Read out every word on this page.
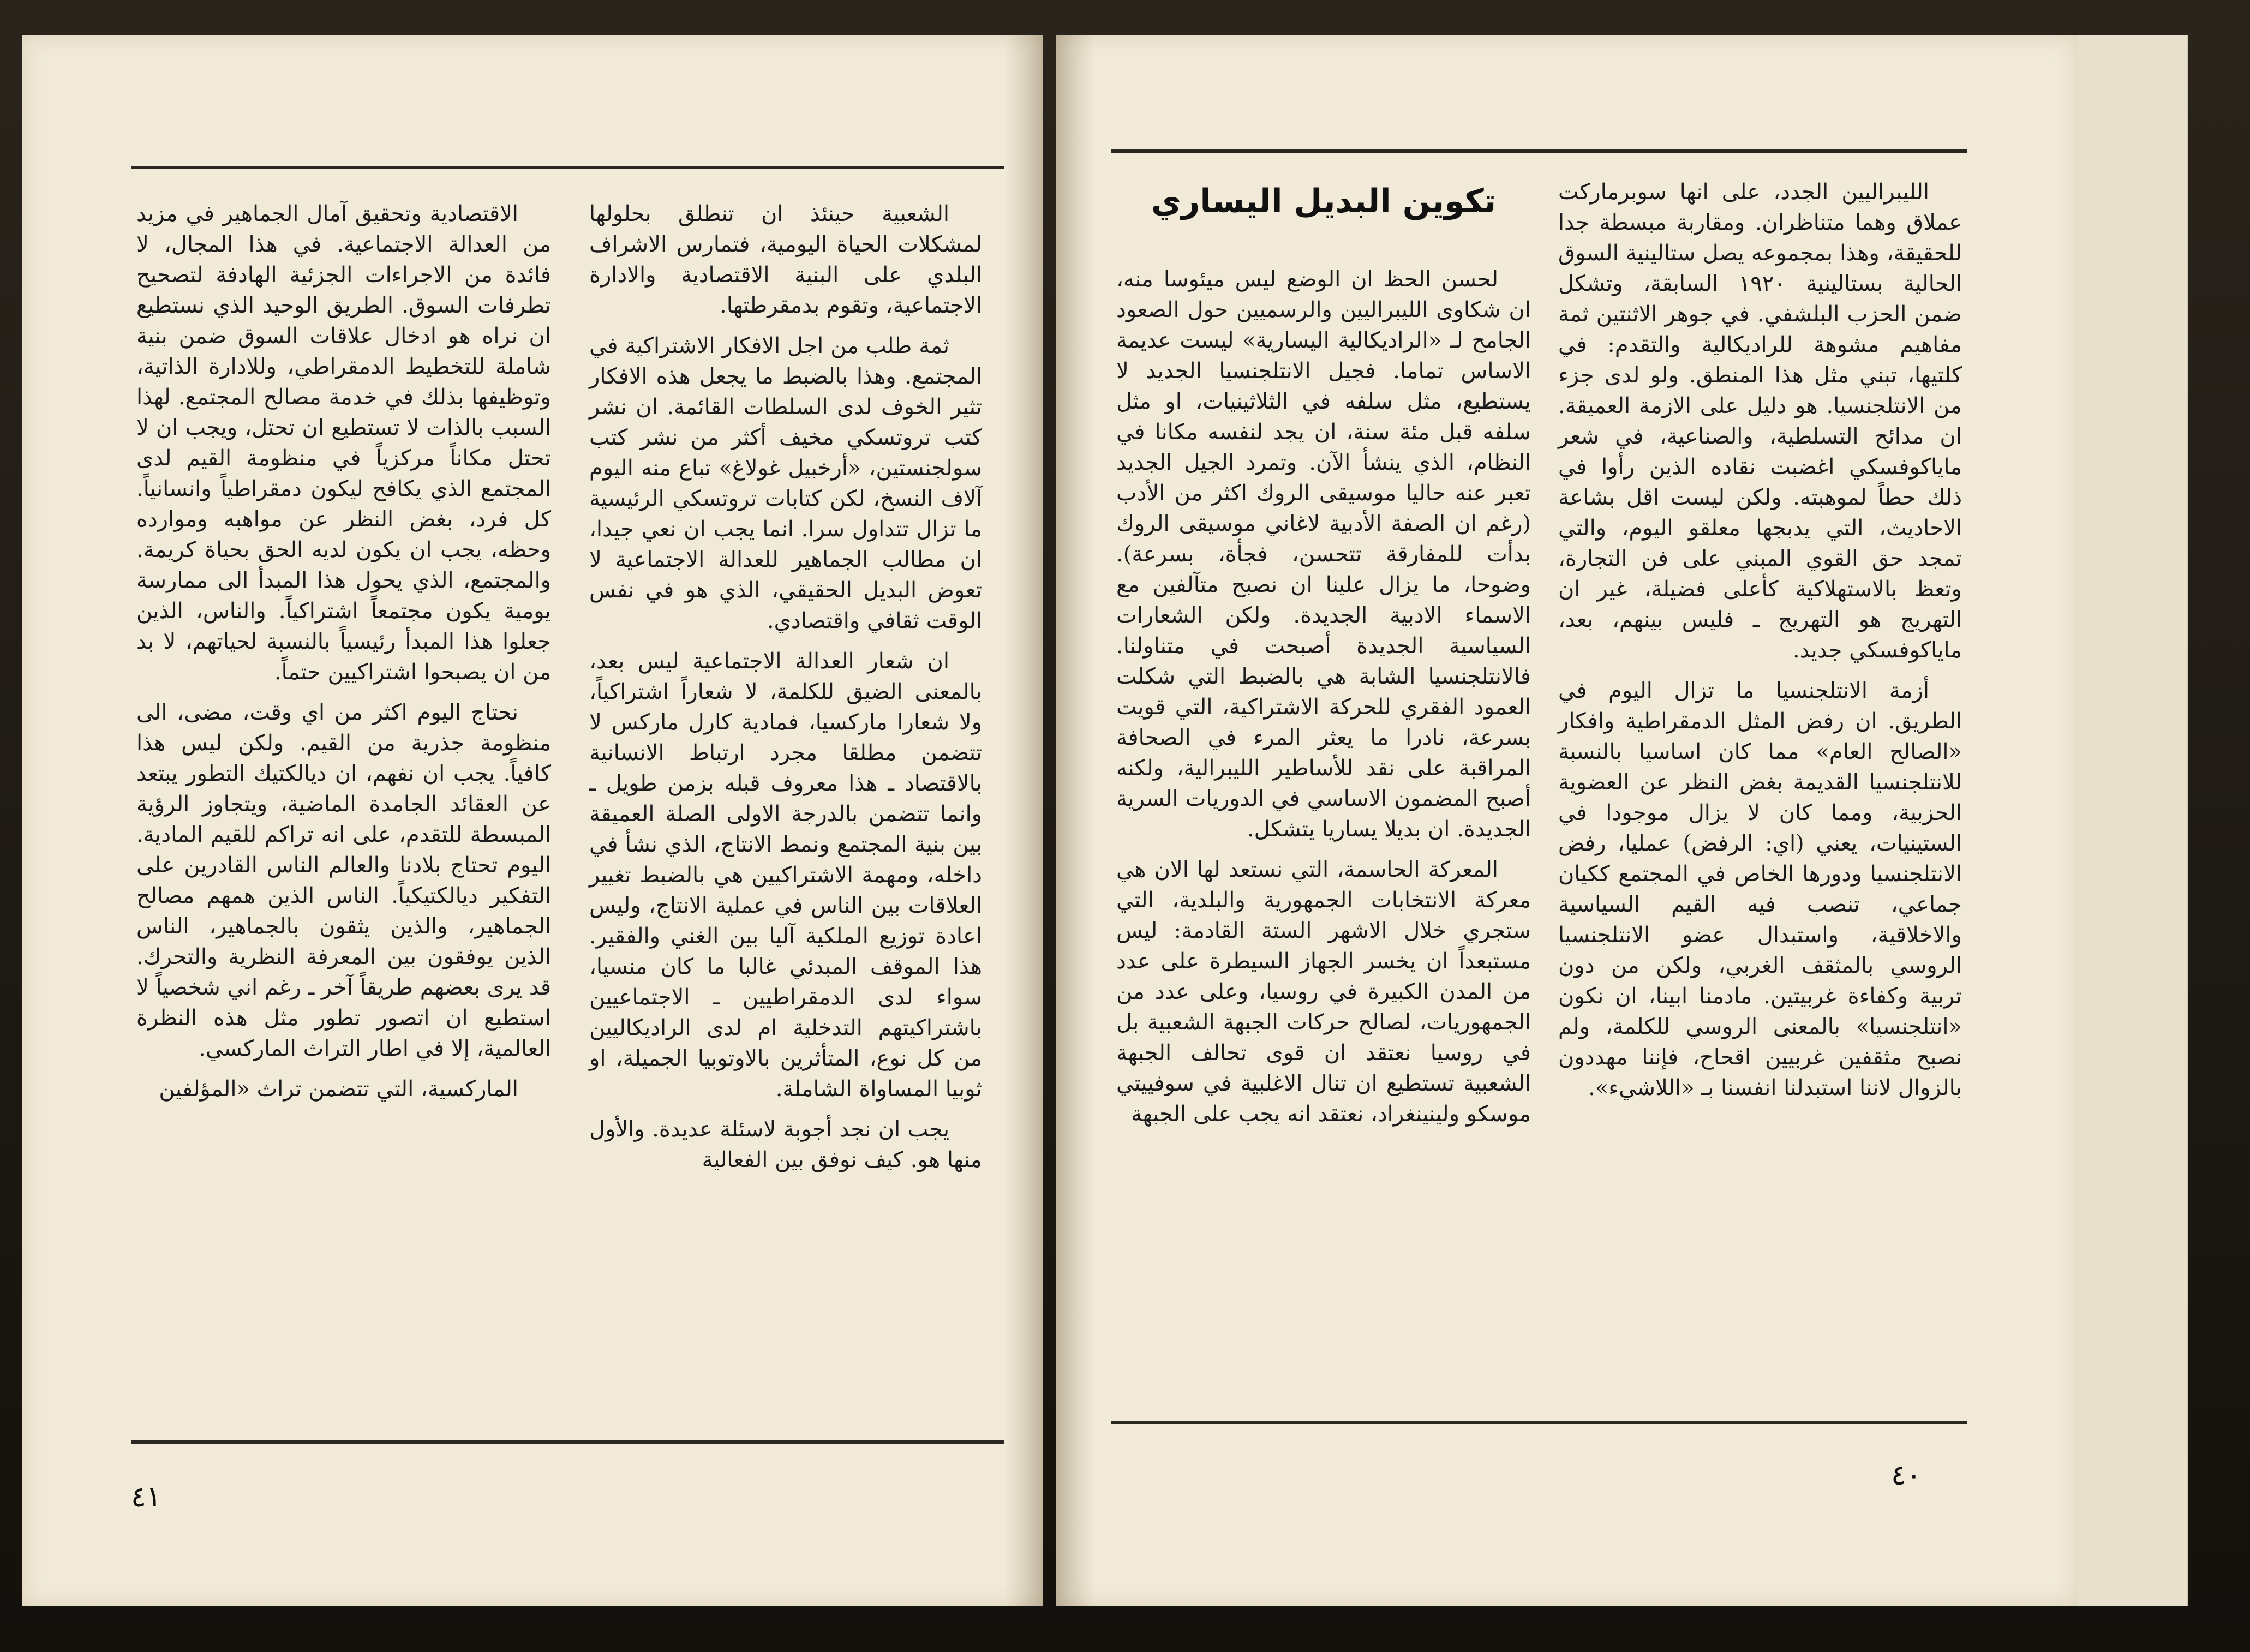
الشعبية حينئذ ان تنطلق بحلولها لمشكلات الحياة اليومية، فتمارس الاشراف البلدي على البنية الاقتصادية والادارة الاجتماعية، وتقوم بدمقرطتها.

ثمة طلب من اجل الافكار الاشتراكية في المجتمع. وهذا بالضبط ما يجعل هذه الافكار تثير الخوف لدى السلطات القائمة. ان نشر كتب تروتسكي مخيف أكثر من نشر كتب سولجنستين، «أرخبيل غولاغ» تباع منه اليوم آلاف النسخ، لكن كتابات تروتسكي الرئيسية ما تزال تتداول سرا. انما يجب ان نعي جيدا، ان مطالب الجماهير للعدالة الاجتماعية لا تعوض البديل الحقيقي، الذي هو في نفس الوقت ثقافي واقتصادي.

ان شعار العدالة الاجتماعية ليس بعد، بالمعنى الضيق للكلمة، لا شعاراً اشتراكياً، ولا شعارا ماركسيا، فمادية كارل ماركس لا تتضمن مطلقا مجرد ارتباط الانسانية بالاقتصاد ـ هذا معروف قبله بزمن طويل ـ وانما تتضمن بالدرجة الاولى الصلة العميقة بين بنية المجتمع ونمط الانتاج، الذي نشأ في داخله، ومهمة الاشتراكيين هي بالضبط تغيير العلاقات بين الناس في عملية الانتاج، وليس اعادة توزيع الملكية آليا بين الغني والفقير. هذا الموقف المبدئي غالبا ما كان منسيا، سواء لدى الدمقراطيين ـ الاجتماعيين باشتراكيتهم التدخلية ام لدى الراديكاليين من كل نوع، المتأثرين بالاوتوبيا الجميلة، او ثوبيا المساواة الشاملة.

يجب ان نجد أجوبة لاسئلة عديدة. والأول منها هو. كيف نوفق بين الفعالية

الاقتصادية وتحقيق آمال الجماهير في مزيد من العدالة الاجتماعية. في هذا المجال، لا فائدة من الاجراءات الجزئية الهادفة لتصحيح تطرفات السوق. الطريق الوحيد الذي نستطيع ان نراه هو ادخال علاقات السوق ضمن بنية شاملة للتخطيط الدمقراطي، وللادارة الذاتية، وتوظيفها بذلك في خدمة مصالح المجتمع. لهذا السبب بالذات لا تستطيع ان تحتل، ويجب ان لا تحتل مكاناً مركزياً في منظومة القيم لدى المجتمع الذي يكافح ليكون دمقراطياً وانسانياً. كل فرد، بغض النظر عن مواهبه وموارده وحظه، يجب ان يكون لديه الحق بحياة كريمة. والمجتمع، الذي يحول هذا المبدأ الى ممارسة يومية يكون مجتمعاً اشتراكياً. والناس، الذين جعلوا هذا المبدأ رئيسياً بالنسبة لحياتهم، لا بد من ان يصبحوا اشتراكيين حتماً.

نحتاج اليوم اكثر من اي وقت، مضى، الى منظومة جذرية من القيم. ولكن ليس هذا كافياً. يجب ان نفهم، ان ديالكتيك التطور يبتعد عن العقائد الجامدة الماضية، ويتجاوز الرؤية المبسطة للتقدم، على انه تراكم للقيم المادية. اليوم تحتاج بلادنا والعالم الناس القادرين على التفكير ديالكتيكياً. الناس الذين همهم مصالح الجماهير، والذين يثقون بالجماهير، الناس الذين يوفقون بين المعرفة النظرية والتحرك. قد يرى بعضهم طريقاً آخر ـ رغم اني شخصياً لا استطيع ان اتصور تطور مثل هذه النظرة العالمية، إلا في اطار التراث الماركسي.

الماركسية، التي تتضمن تراث «المؤلفين

٤١

الليبراليين الجدد، على انها سوبرماركت عملاق وهما متناظران. ومقاربة مبسطة جدا للحقيقة، وهذا بمجموعه يصل ستالينية السوق الحالية بستالينية ١٩٢٠ السابقة، وتشكل ضمن الحزب البلشفي. في جوهر الاثنتين ثمة مفاهيم مشوهة للراديكالية والتقدم: في كلتيها، تبني مثل هذا المنطق. ولو لدى جزء من الانتلجنسيا. هو دليل على الازمة العميقة. ان مدائح التسلطية، والصناعية، في شعر ماياكوفسكي اغضبت نقاده الذين رأوا في ذلك حطاً لموهبته. ولكن ليست اقل بشاعة الاحاديث، التي يدبجها معلقو اليوم، والتي تمجد حق القوي المبني على فن التجارة، وتعظ بالاستهلاكية كأعلى فضيلة، غير ان التهريج هو التهريج ـ فليس بينهم، بعد، ماياكوفسكي جديد.

أزمة الانتلجنسيا ما تزال اليوم في الطريق. ان رفض المثل الدمقراطية وافكار «الصالح العام» مما كان اساسيا بالنسبة للانتلجنسيا القديمة بغض النظر عن العضوية الحزبية، ومما كان لا يزال موجودا في الستينيات، يعني (اي: الرفض) عمليا، رفض الانتلجنسيا ودورها الخاص في المجتمع ككيان جماعي، تنصب فيه القيم السياسية والاخلاقية، واستبدال عضو الانتلجنسيا الروسي بالمثقف الغربي، ولكن من دون تربية وكفاءة غربيتين. مادمنا ابينا، ان نكون «انتلجنسيا» بالمعنى الروسي للكلمة، ولم نصبح مثقفين غربيين اقحاح، فإننا مهددون بالزوال لاننا استبدلنا انفسنا بـ «اللاشيء».

تكوين البديل اليساري

لحسن الحظ ان الوضع ليس ميئوسا منه، ان شكاوى الليبراليين والرسميين حول الصعود الجامح لـ «الراديكالية اليسارية» ليست عديمة الاساس تماما. فجيل الانتلجنسيا الجديد لا يستطيع، مثل سلفه في الثلاثينيات، او مثل سلفه قبل مئة سنة، ان يجد لنفسه مكانا في النظام، الذي ينشأ الآن. وتمرد الجيل الجديد تعبر عنه حاليا موسيقى الروك اكثر من الأدب (رغم ان الصفة الأدبية لاغاني موسيقى الروك بدأت للمفارقة تتحسن، فجأة، بسرعة). وضوحا، ما يزال علينا ان نصبح متآلفين مع الاسماء الادبية الجديدة. ولكن الشعارات السياسية الجديدة أصبحت في متناولنا. فالانتلجنسيا الشابة هي بالضبط التي شكلت العمود الفقري للحركة الاشتراكية، التي قويت بسرعة، نادرا ما يعثر المرء في الصحافة المراقبة على نقد للأساطير الليبرالية، ولكنه أصبح المضمون الاساسي في الدوريات السرية الجديدة. ان بديلا يساريا يتشكل.

المعركة الحاسمة، التي نستعد لها الان هي معركة الانتخابات الجمهورية والبلدية، التي ستجري خلال الاشهر الستة القادمة: ليس مستبعداً ان يخسر الجهاز السيطرة على عدد من المدن الكبيرة في روسيا، وعلى عدد من الجمهوريات، لصالح حركات الجبهة الشعبية بل في روسيا نعتقد ان قوى تحالف الجبهة الشعبية تستطيع ان تنال الاغلبية في سوفييتي موسكو ولينينغراد، نعتقد انه يجب على الجبهة

٤٠
